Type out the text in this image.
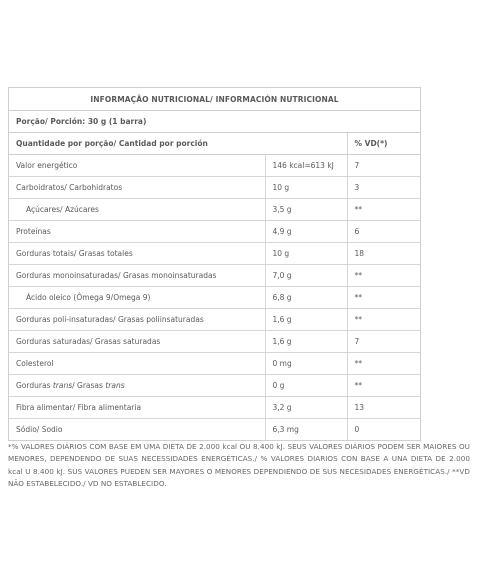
INFORMAÇÃO NUTRICIONAL/ INFORMACIÓN NUTRICIONAL
Porção/ Porción: 30 g (1 barra)
Quantidade por porção/ Cantidad por porción		% VD(*)
Valor energético	146 kcal=613 kJ	7
Carboidratos/ Carbohidratos	10 g	3
Açúcares/ Azúcares	3,5 g	**
Proteínas	4,9 g	6
Gorduras totais/ Grasas totales	10 g	18
Gorduras monoinsaturadas/ Grasas monoinsaturadas	7,0 g	**
Ácido oleico (Ômega 9/Omega 9)	6,8 g	**
Gorduras poli-insaturadas/ Grasas poliinsaturadas	1,6 g	**
Gorduras saturadas/ Grasas saturadas	1,6 g	7
Colesterol	0 mg	**
Gorduras trans/ Grasas trans	0 g	**
Fibra alimentar/ Fibra alimentaria	3,2 g	13
Sódio/ Sodio	6,3 mg	0
*% VALORES DIÁRIOS COM BASE EM UMA DIETA DE 2.000 kcal OU 8.400 kJ. SEUS VALORES DIÁRIOS PODEM SER MAIORES OU MENORES, DEPENDENDO DE SUAS NECESSIDADES ENERGÉTICAS./ % VALORES DIARIOS CON BASE A UNA DIETA DE 2.000 kcal U 8.400 kJ. SUS VALORES PUEDEN SER MAYORES O MENORES DEPENDIENDO DE SUS NECESIDADES ENERGÉTICAS./ **VD NÃO ESTABELECIDO./ VD NO ESTABLECIDO.
